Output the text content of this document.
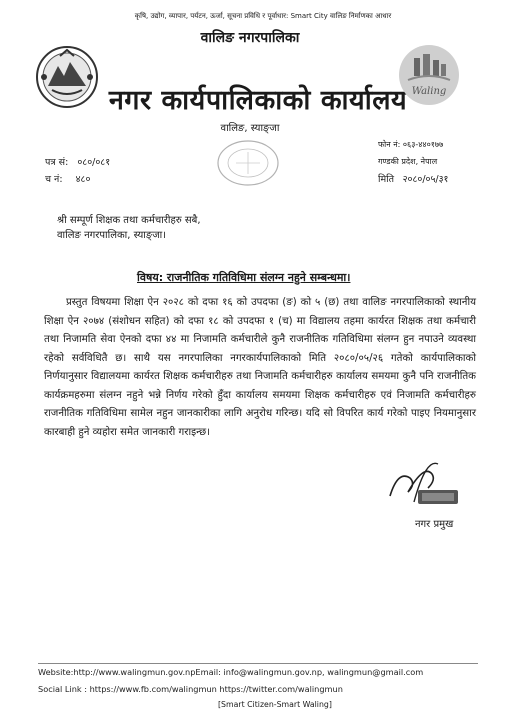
कृषि, उद्योग, व्यापार, पर्यटन, ऊर्जा, सूचना प्रविधि र पूर्वाधार: Smart City वालिङ निर्माणका आधार
वालिङ नगरपालिका
नगर कार्यपालिकाको कार्यालय Waling
वालिङ, स्याङ्जा
पत्र सं: ०८०/०८१
च नं: ४८०
फोन नं: ०६३-४४०१७७
गण्डकी प्रदेश, नेपाल
मिति २०८०/०५/३१
श्री सम्पूर्ण शिक्षक तथा कर्मचारीहरु सबै,
वालिङ नगरपालिका, स्याङ्जा।
विषय: राजनीतिक गतिविधिमा संलग्न नहुने सम्बन्धमा।
प्रस्तुत विषयमा शिक्षा ऐन २०२८ को दफा १६ को उपदफा (ङ) को ५ (छ) तथा वालिङ नगरपालिकाको स्थानीय शिक्षा ऐन २०७४ (संशोधन सहित) को दफा १८ को उपदफा १ (च) मा विद्यालय तहमा कार्यरत शिक्षक तथा कर्मचारी तथा निजामति सेवा ऐनको दफा ४४ मा निजामति कर्मचारीले कुनै राजनीतिक गतिविधिमा संलग्न हुन नपाउने व्यवस्था रहेको सर्वविधितै छ। साथै यस नगरपालिका नगरकार्यपालिकाको मिति २०८०/०५/२६ गतेको कार्यपालिकाको निर्णयानुसार विद्यालयमा कार्यरत शिक्षक कर्मचारीहरु तथा निजामति कर्मचारीहरु कार्यालय समयमा कुनै पनि राजनीतिक कार्यक्रमहरुमा संलग्न नहुने भन्ने निर्णय गरेको हुँदा कार्यालय समयमा शिक्षक कर्मचारीहरु एवं निजामति कर्मचारीहरु राजनीतिक गतिविधिमा सामेल नहुन जानकारीका लागि अनुरोध गरिन्छ। यदि सो विपरित कार्य गरेको पाइए नियमानुसार कारबाही हुने व्यहोरा समेत जानकारी गराइन्छ।
नगर प्रमुख
Website:http://www.walingmun.gov.npEmail: info@walingmun.gov.np, walingmun@gmail.com
Social Link : https://www.fb.com/walingmun https://twitter.com/walingmun
[Smart Citizen-Smart Waling]
